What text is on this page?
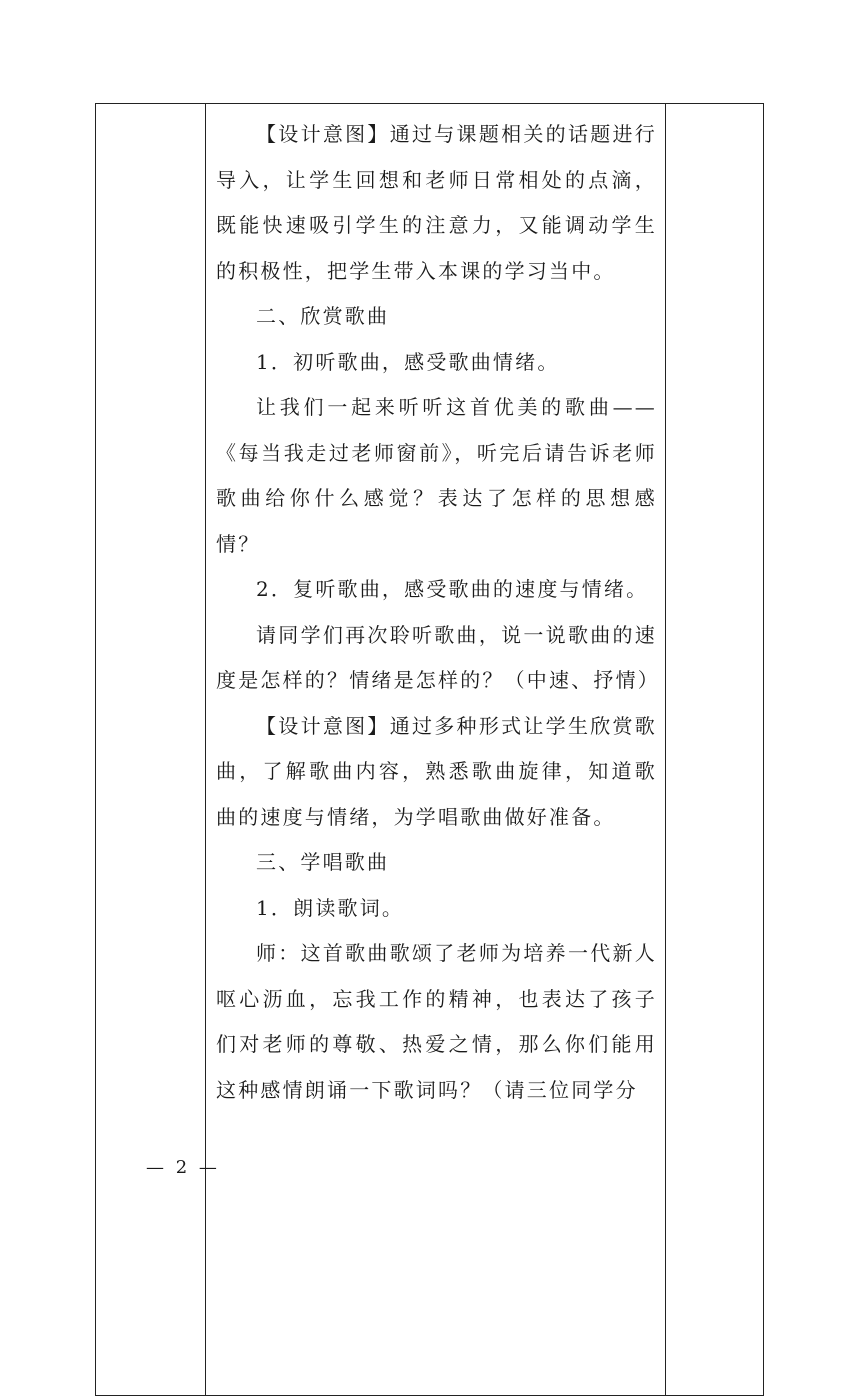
【设计意图】通过与课题相关的话题进行导入，让学生回想和老师日常相处的点滴，既能快速吸引学生的注意力，又能调动学生的积极性，把学生带入本课的学习当中。

二、欣赏歌曲

1．初听歌曲，感受歌曲情绪。

让我们一起来听听这首优美的歌曲——《每当我走过老师窗前》，听完后请告诉老师歌曲给你什么感觉？表达了怎样的思想感情？

2．复听歌曲，感受歌曲的速度与情绪。

请同学们再次聆听歌曲，说一说歌曲的速度是怎样的？情绪是怎样的？（中速、抒情）

【设计意图】通过多种形式让学生欣赏歌曲，了解歌曲内容，熟悉歌曲旋律，知道歌曲的速度与情绪，为学唱歌曲做好准备。

三、学唱歌曲

1．朗读歌词。

师：这首歌曲歌颂了老师为培养一代新人呕心沥血，忘我工作的精神，也表达了孩子们对老师的尊敬、热爱之情，那么你们能用这种感情朗诵一下歌词吗？（请三位同学分

— 2 —
